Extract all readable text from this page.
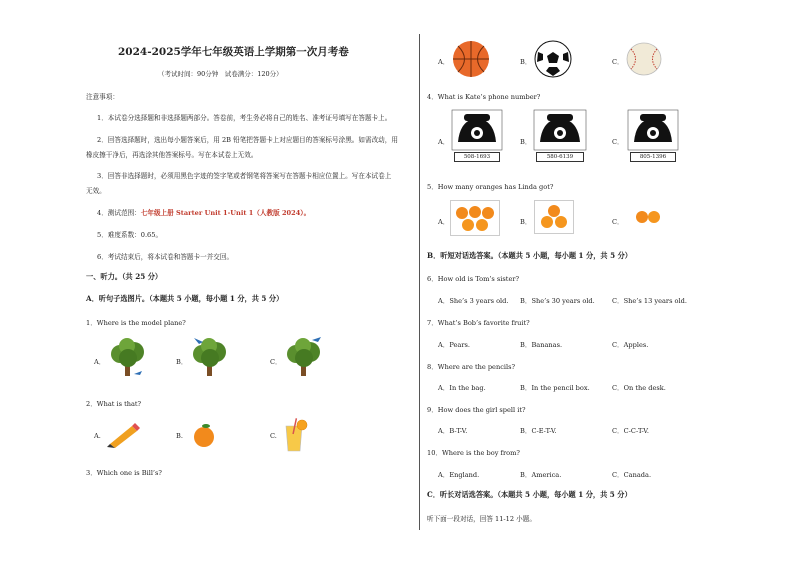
2024-2025学年七年级英语上学期第一次月考卷
（考试时间：90分钟　试卷满分：120分）
注意事项：
1．本试卷分选择题和非选择题两部分。答卷前，考生务必将自己的姓名、准考证号填写在答题卡上。
2．回答选择题时，选出每小题答案后，用 2B 铅笔把答题卡上对应题目的答案标号涂黑。如需改动，用
橡皮擦干净后，再选涂其他答案标号。写在本试卷上无效。
3．回答非选择题时，必须用黑色字迹的签字笔或者钢笔将答案写在答题卡相应位置上。写在本试卷上
无效。
4．测试范围：七年级上册 Starter Unit 1-Unit 1（人教版 2024）。
5．难度系数：0.65。
6．考试结束后，将本试卷和答题卡一并交回。
一、听力。（共 25 分）
A．听句子选图片。（本题共 5 小题，每小题 1 分，共 5 分）
1．Where is the model plane?
A．	B．	C．
2．What is that?
A.	B.	C.
3．Which one is Bill’s?
A．	B．	C．
4．What is Kate’s phone number?
A．
508-1693
B．
580-6139
C．
805-1396
5．How many oranges has Linda got?
A．	B．	C．
B．听短对话选答案。（本题共 5 小题，每小题 1 分，共 5 分）
6．How old is Tom’s sister?
A．She’s 3 years old. B．She’s 30 years old.	C．She’s 13 years old.
7．What’s Bob’s favorite fruit?
A．Pears.	B．Bananas.	C．Apples.
8．Where are the pencils?
A．In the bag.	B．In the pencil box.	C．On the desk.
9．How does the girl spell it?
A．B-T-V.	B．C-E-T-V.	C．C-C-T-V.
10．Where is the boy from?
A．England.	B．America.	C．Canada.
C．听长对话选答案。（本题共 5 小题，每小题 1 分，共 5 分）
听下面一段对话，回答 11-12 小题。
